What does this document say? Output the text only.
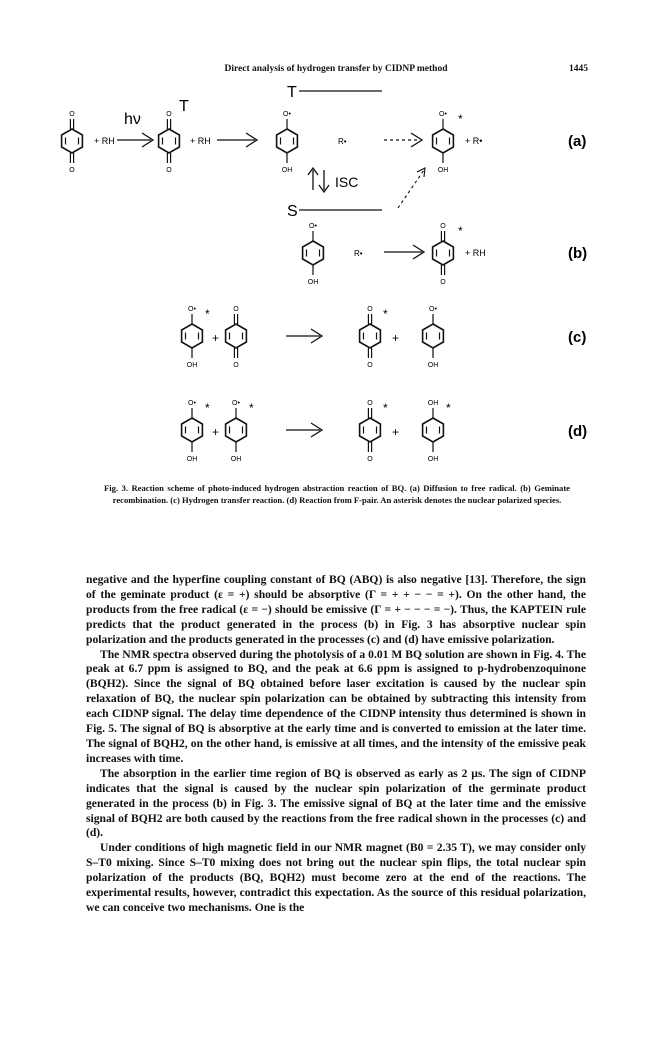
Direct analysis of hydrogen transfer by CIDNP method	1445
T
O
O
+ RH
hν	O
O
T
+ RH
O•
OH
R•
O•
OH
*
+ R•	(a)
ISC
S
O•
OH
R•
O
O
*
+ RH	(b)
O•
OH
*
+
O
O
O
O
*
+
O•
OH
(c)
O•
OH
*
+
O•
OH
*	O
O
*
+
OH
OH
*
(d)
Fig. 3. Reaction scheme of photo-induced hydrogen abstraction reaction of BQ. (a) Diffusion to free radical. (b) Geminate recombination. (c) Hydrogen transfer reaction. (d) Reaction from F-pair. An asterisk denotes the nuclear polarized species.

negative and the hyperfine coupling constant of BQ (ABQ) is also negative [13]. Therefore, the sign of the geminate product (ε = +) should be absorptive (Γ = + + − − = +). On the other hand, the products from the free radical (ε = −) should be emissive (Γ = + − − − = −). Thus, the KAPTEIN rule predicts that the product generated in the process (b) in Fig. 3 has absorptive nuclear spin polarization and the products generated in the processes (c) and (d) have emissive polarization.

The NMR spectra observed during the photolysis of a 0.01 M BQ solution are shown in Fig. 4. The peak at 6.7 ppm is assigned to BQ, and the peak at 6.6 ppm is assigned to p-hydrobenzoquinone (BQH2). Since the signal of BQ obtained before laser excitation is caused by the nuclear spin relaxation of BQ, the nuclear spin polarization can be obtained by subtracting this intensity from each CIDNP signal. The delay time dependence of the CIDNP intensity thus determined is shown in Fig. 5. The signal of BQ is absorptive at the early time and is converted to emission at the later time. The signal of BQH2, on the other hand, is emissive at all times, and the intensity of the emissive peak increases with time.

The absorption in the earlier time region of BQ is observed as early as 2 μs. The sign of CIDNP indicates that the signal is caused by the nuclear spin polarization of the germinate product generated in the process (b) in Fig. 3. The emissive signal of BQ at the later time and the emissive signal of BQH2 are both caused by the reactions from the free radical shown in the processes (c) and (d).

Under conditions of high magnetic field in our NMR magnet (B0 = 2.35 T), we may consider only S–T0 mixing. Since S–T0 mixing does not bring out the nuclear spin flips, the total nuclear spin polarization of the products (BQ, BQH2) must become zero at the end of the reactions. The experimental results, however, contradict this expectation. As the source of this residual polarization, we can conceive two mechanisms. One is the
